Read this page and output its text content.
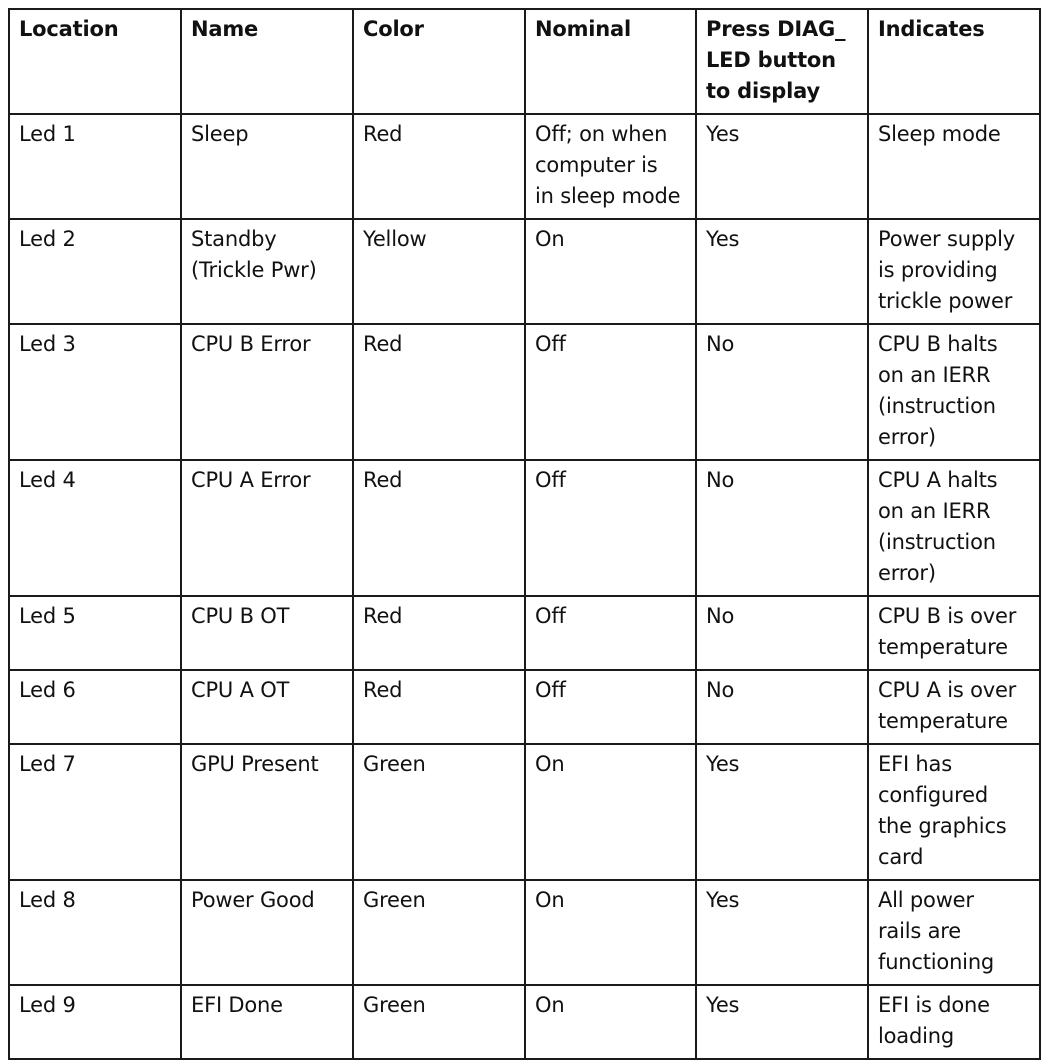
Location	Name	Color	Nominal	Press DIAG_
LED button
to display	Indicates

Led 1	Sleep	Red	Off; on when
computer is
in sleep mode	Yes	Sleep mode

Led 2	Standby
(Trickle Pwr)	Yellow	On	Yes	Power supply
is providing
trickle power

Led 3	CPU B Error	Red	Off	No	CPU B halts
on an IERR
(instruction
error)

Led 4	CPU A Error	Red	Off	No	CPU A halts
on an IERR
(instruction
error)

Led 5	CPU B OT	Red	Off	No	CPU B is over
temperature

Led 6	CPU A OT	Red	Off	No	CPU A is over
temperature

Led 7	GPU Present	Green	On	Yes	EFI has
configured
the graphics
card

Led 8	Power Good	Green	On	Yes	All power
rails are
functioning

Led 9	EFI Done	Green	On	Yes	EFI is done
loading
